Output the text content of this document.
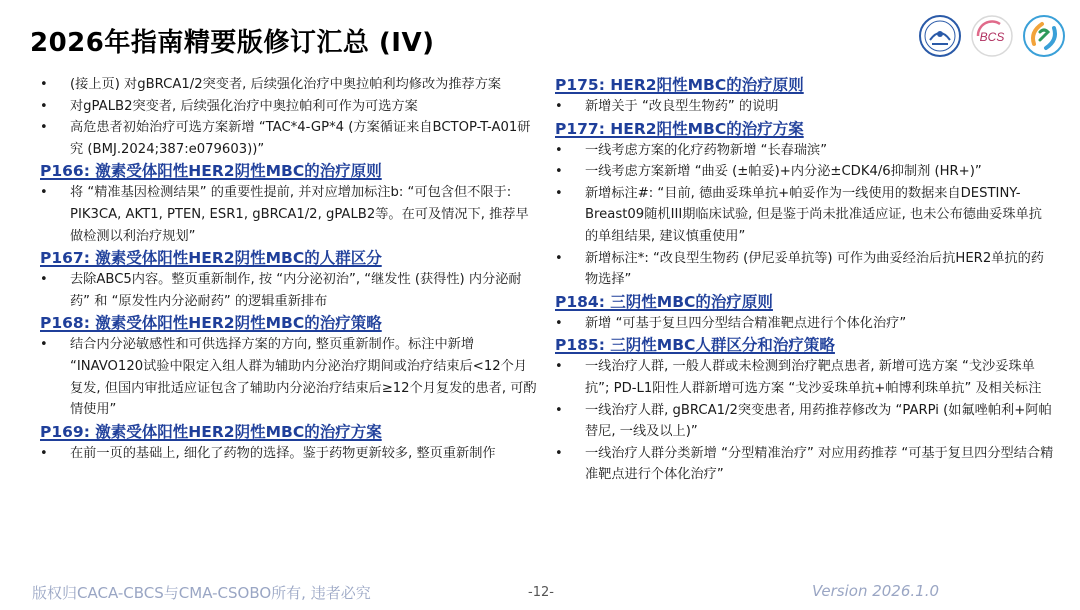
2026年指南精要版修订汇总 (IV)	BCS
•	(接上页) 对gBRCA1/2突变者, 后续强化治疗中奥拉帕利均修改为推荐方案
•	对gPALB2突变者, 后续强化治疗中奥拉帕利可作为可选方案
•	高危患者初始治疗可选方案新增 “TAC*4-GP*4 (方案循证来自BCTOP-T-A01研究 (BMJ.2024;387:e079603))”
P166: 激素受体阳性HER2阴性MBC的治疗原则
•	将 “精准基因检测结果” 的重要性提前, 并对应增加标注b: “可包含但不限于: PIK3CA, AKT1, PTEN, ESR1, gBRCA1/2, gPALB2等。在可及情况下, 推荐早做检测以利治疗规划”
P167: 激素受体阳性HER2阴性MBC的人群区分
•	去除ABC5内容。整页重新制作, 按 “内分泌初治”, “继发性 (获得性) 内分泌耐药” 和 “原发性内分泌耐药” 的逻辑重新排布
P168: 激素受体阳性HER2阴性MBC的治疗策略
•	结合内分泌敏感性和可供选择方案的方向, 整页重新制作。标注中新增 “INAVO120试验中限定入组人群为辅助内分泌治疗期间或治疗结束后<12个月复发, 但国内审批适应证包含了辅助内分泌治疗结束后≥12个月复发的患者, 可酌情使用”
P169: 激素受体阳性HER2阴性MBC的治疗方案
•	在前一页的基础上, 细化了药物的选择。鉴于药物更新较多, 整页重新制作
P175: HER2阳性MBC的治疗原则
•	新增关于 “改良型生物药” 的说明
P177: HER2阳性MBC的治疗方案
•	一线考虑方案的化疗药物新增 “长春瑞滨”
•	一线考虑方案新增 “曲妥 (±帕妥)+内分泌±CDK4/6抑制剂 (HR+)”
•	新增标注#: “目前, 德曲妥珠单抗+帕妥作为一线使用的数据来自DESTINY-Breast09随机III期临床试验, 但是鉴于尚未批准适应证, 也未公布德曲妥珠单抗的单组结果, 建议慎重使用”
•	新增标注*: “改良型生物药 (伊尼妥单抗等) 可作为曲妥经治后抗HER2单抗的药物选择”
P184: 三阴性MBC的治疗原则
•	新增 “可基于复旦四分型结合精准靶点进行个体化治疗”
P185: 三阴性MBC人群区分和治疗策略
•	一线治疗人群, 一般人群或未检测到治疗靶点患者, 新增可选方案 “戈沙妥珠单抗”; PD-L1阳性人群新增可选方案 “戈沙妥珠单抗+帕博利珠单抗” 及相关标注
•	一线治疗人群, gBRCA1/2突变患者, 用药推荐修改为 “PARPi (如氟唑帕利+阿帕替尼, 一线及以上)”
•	一线治疗人群分类新增 “分型精准治疗” 对应用药推荐 “可基于复旦四分型结合精准靶点进行个体化治疗”
版权归CACA-CBCS与CMA-CSOBO所有, 违者必究	-12-	Version 2026.1.0
